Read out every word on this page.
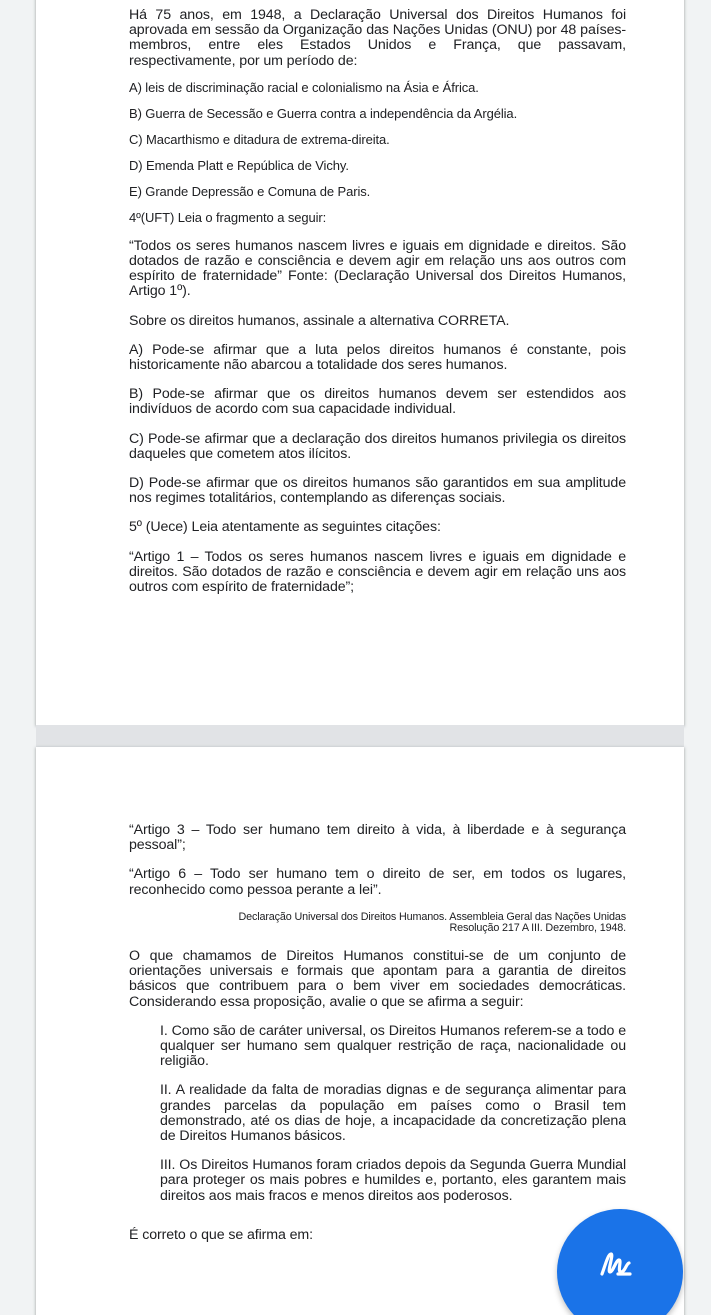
Há 75 anos, em 1948, a Declaração Universal dos Direitos Humanos foi aprovada em sessão da Organização das Nações Unidas (ONU) por 48 países-membros, entre eles Estados Unidos e França, que passavam, respectivamente, por um período de:

A) leis de discriminação racial e colonialismo na Ásia e África.

B) Guerra de Secessão e Guerra contra a independência da Argélia.

C) Macarthismo e ditadura de extrema-direita.

D) Emenda Platt e República de Vichy.

E) Grande Depressão e Comuna de Paris.

4º(UFT) Leia o fragmento a seguir:

“Todos os seres humanos nascem livres e iguais em dignidade e direitos. São dotados de razão e consciência e devem agir em relação uns aos outros com espírito de fraternidade” Fonte: (Declaração Universal dos Direitos Humanos, Artigo 1º).

Sobre os direitos humanos, assinale a alternativa CORRETA.

A) Pode-se afirmar que a luta pelos direitos humanos é constante, pois historicamente não abarcou a totalidade dos seres humanos.

B) Pode-se afirmar que os direitos humanos devem ser estendidos aos indivíduos de acordo com sua capacidade individual.

C) Pode-se afirmar que a declaração dos direitos humanos privilegia os direitos daqueles que cometem atos ilícitos.

D) Pode-se afirmar que os direitos humanos são garantidos em sua amplitude nos regimes totalitários, contemplando as diferenças sociais.

5º (Uece) Leia atentamente as seguintes citações:

“Artigo 1 – Todos os seres humanos nascem livres e iguais em dignidade e direitos. São dotados de razão e consciência e devem agir em relação uns aos outros com espírito de fraternidade”;

“Artigo 3 – Todo ser humano tem direito à vida, à liberdade e à segurança pessoal”;

“Artigo 6 – Todo ser humano tem o direito de ser, em todos os lugares, reconhecido como pessoa perante a lei”.

Declaração Universal dos Direitos Humanos. Assembleia Geral das Nações Unidas

Resolução 217 A III. Dezembro, 1948.

O que chamamos de Direitos Humanos constitui-se de um conjunto de orientações universais e formais que apontam para a garantia de direitos básicos que contribuem para o bem viver em sociedades democráticas. Considerando essa proposição, avalie o que se afirma a seguir:

I. Como são de caráter universal, os Direitos Humanos referem-se a todo e qualquer ser humano sem qualquer restrição de raça, nacionalidade ou religião.

II. A realidade da falta de moradias dignas e de segurança alimentar para grandes parcelas da população em países como o Brasil tem demonstrado, até os dias de hoje, a incapacidade da concretização plena de Direitos Humanos básicos.

III. Os Direitos Humanos foram criados depois da Segunda Guerra Mundial para proteger os mais pobres e humildes e, portanto, eles garantem mais direitos aos mais fracos e menos direitos aos poderosos.

É correto o que se afirma em:
